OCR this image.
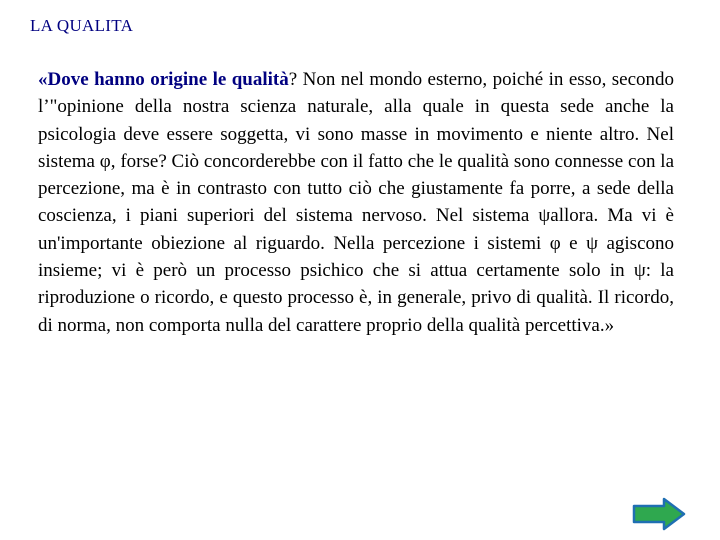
LA QUALITA

«Dove hanno origine le qualità? Non nel mondo esterno, poiché in esso, secondo l’"opinione della nostra scienza naturale, alla quale in questa sede anche la psicologia deve essere soggetta, vi sono masse in movimento e niente altro. Nel sistema φ, forse? Ciò concorderebbe con il fatto che le qualità sono connesse con la percezione, ma è in contrasto con tutto ciò che giustamente fa porre, a sede della coscienza, i piani superiori del sistema nervoso. Nel sistema ψallora. Ma vi è un'importante obiezione al riguardo. Nella percezione i sistemi φ e ψ agiscono insieme; vi è però un processo psichico che si attua certamente solo in ψ: la riproduzione o ricordo, e questo processo è, in generale, privo di qualità. Il ricordo, di norma, non comporta nulla del carattere proprio della qualità percettiva.»
